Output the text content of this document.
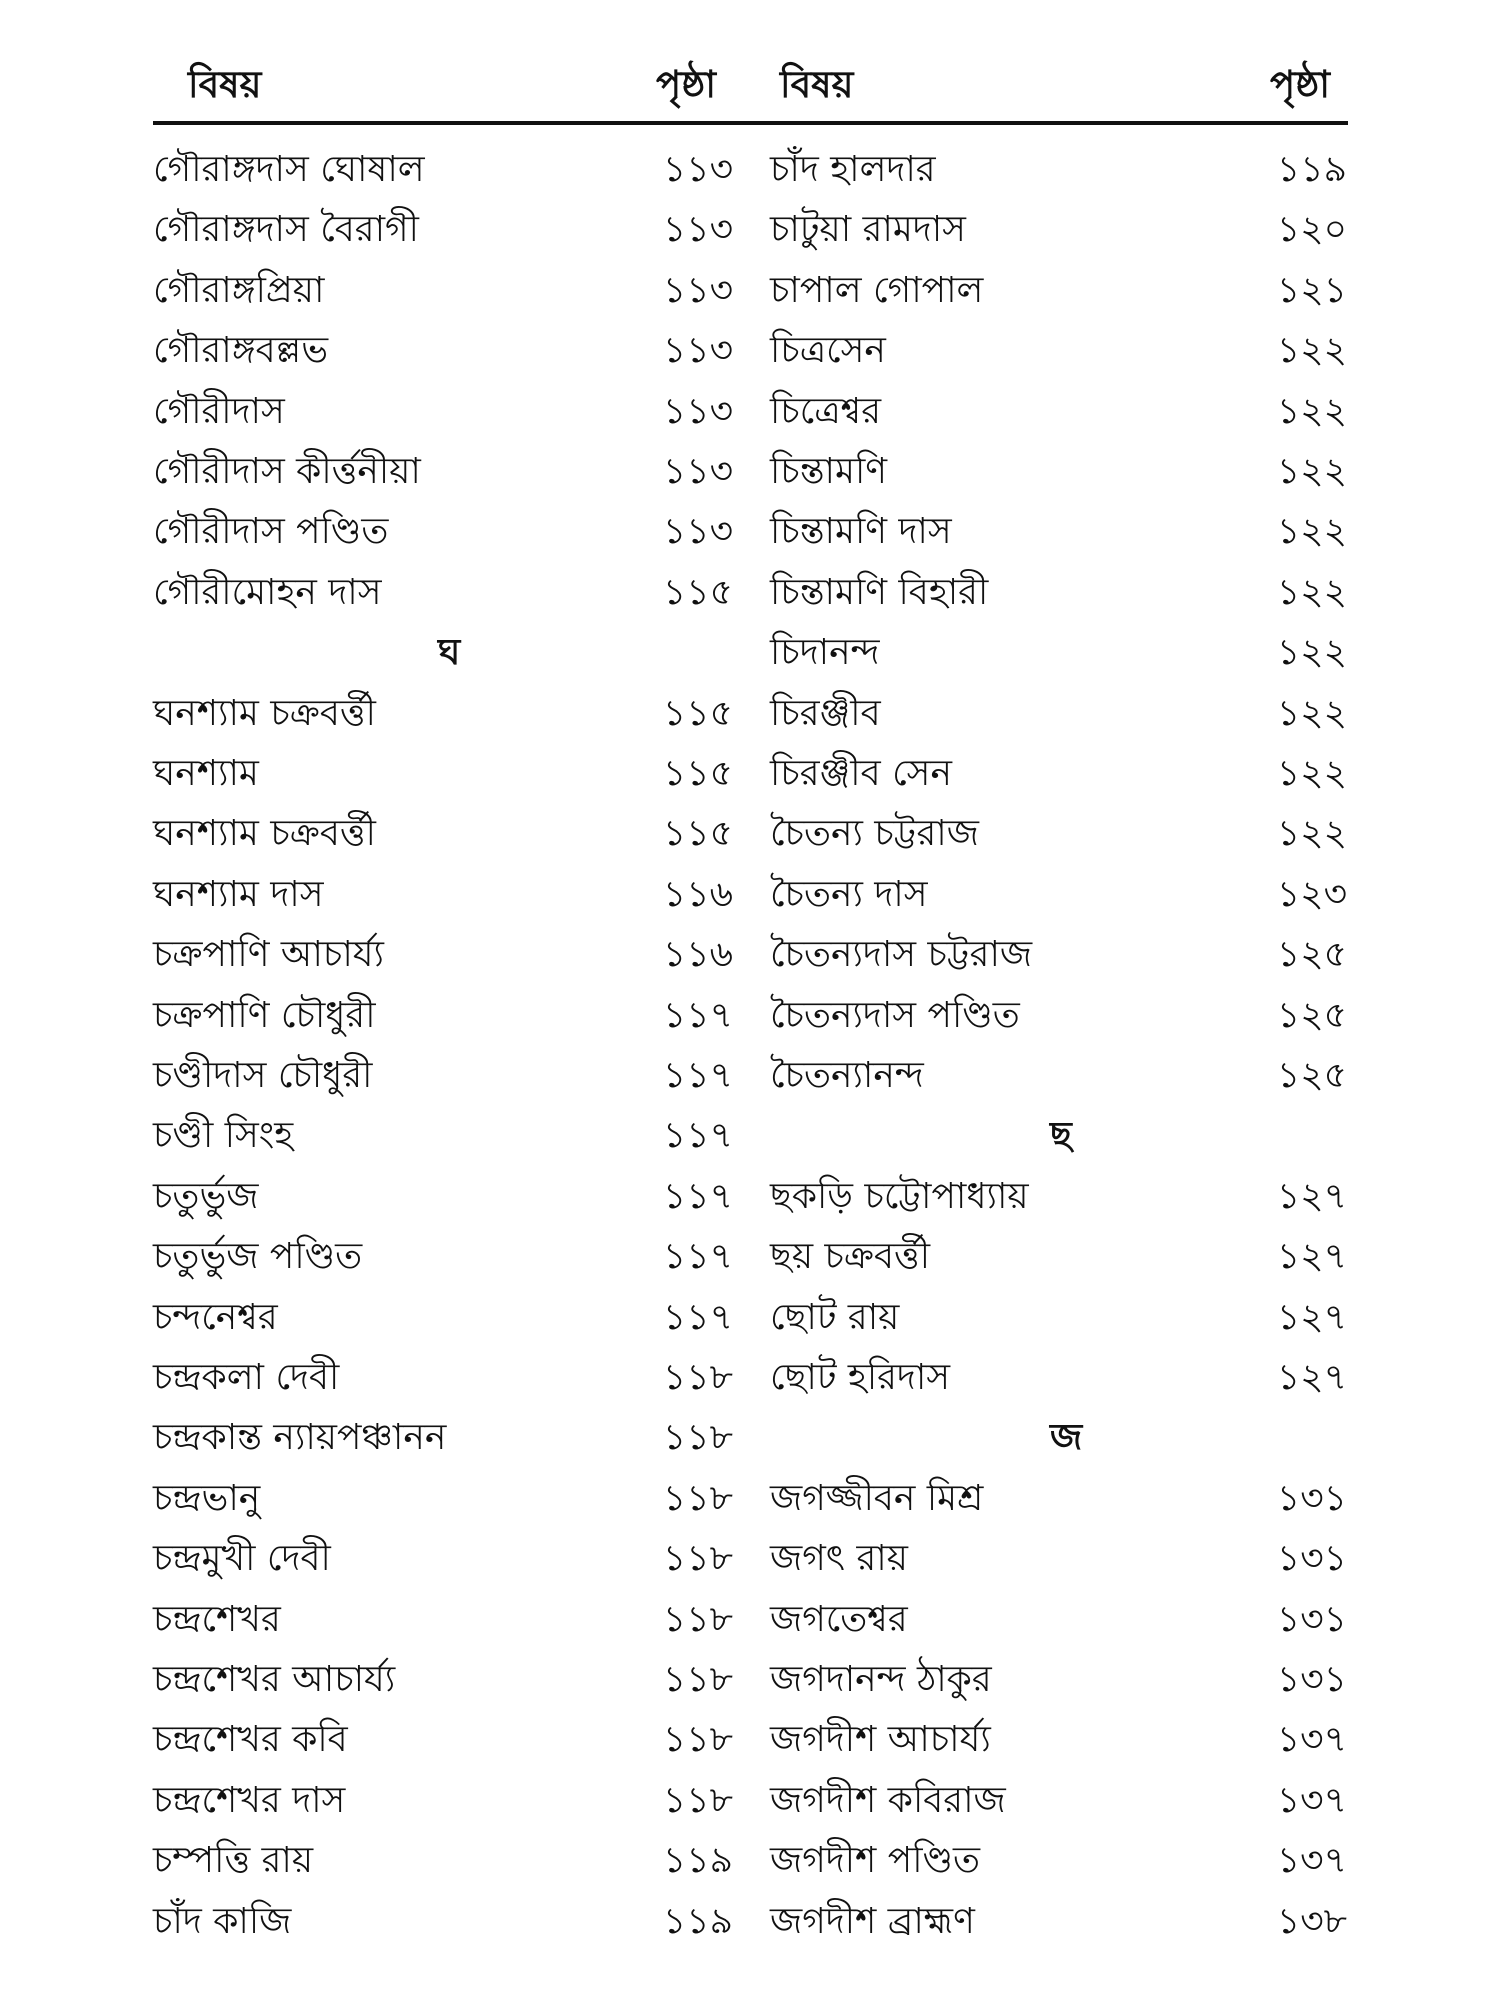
বিষয়	পৃষ্ঠা বিষয়	পৃষ্ঠা
গৌরাঙ্গদাস ঘোষাল	১১৩
গৌরাঙ্গদাস বৈরাগী	১১৩
গৌরাঙ্গপ্রিয়া	১১৩
গৌরাঙ্গবল্লভ	১১৩
গৌরীদাস	১১৩
গৌরীদাস কীর্ত্তনীয়া	১১৩
গৌরীদাস পণ্ডিত	১১৩
গৌরীমোহন দাস	১১৫
ঘ
ঘনশ্যাম চক্রবর্ত্তী	১১৫
ঘনশ্যাম	১১৫
ঘনশ্যাম চক্রবর্ত্তী	১১৫
ঘনশ্যাম দাস	১১৬
চক্রপাণি আচার্য্য	১১৬
চক্রপাণি চৌধুরী	১১৭
চণ্ডীদাস চৌধুরী	১১৭
চণ্ডী সিংহ	১১৭
চতুর্ভুজ	১১৭
চতুর্ভুজ পণ্ডিত	১১৭
চন্দনেশ্বর	১১৭
চন্দ্রকলা দেবী	১১৮
চন্দ্রকান্ত ন্যায়পঞ্চানন	১১৮
চন্দ্রভানু	১১৮
চন্দ্রমুখী দেবী	১১৮
চন্দ্রশেখর	১১৮
চন্দ্রশেখর আচার্য্য	১১৮
চন্দ্রশেখর কবি	১১৮
চন্দ্রশেখর দাস	১১৮
চম্পত্তি রায়	১১৯
চাঁদ কাজি	১১৯
চাঁদ হালদার	১১৯
চাটুয়া রামদাস	১২০
চাপাল গোপাল	১২১
চিত্রসেন	১২২
চিত্রেশ্বর	১২২
চিন্তামণি	১২২
চিন্তামণি দাস	১২২
চিন্তামণি বিহারী	১২২
চিদানন্দ	১২২
চিরঞ্জীব	১২২
চিরঞ্জীব সেন	১২২
চৈতন্য চট্টরাজ	১২২
চৈতন্য দাস	১২৩
চৈতন্যদাস চট্টরাজ	১২৫
চৈতন্যদাস পণ্ডিত	১২৫
চৈতন্যানন্দ	১২৫
ছ
ছকড়ি চট্টোপাধ্যায়	১২৭
ছয় চক্রবর্ত্তী	১২৭
ছোট রায়	১২৭
ছোট হরিদাস	১২৭
জ
জগজ্জীবন মিশ্র	১৩১
জগৎ রায়	১৩১
জগতেশ্বর	১৩১
জগদানন্দ ঠাকুর	১৩১
জগদীশ আচার্য্য	১৩৭
জগদীশ কবিরাজ	১৩৭
জগদীশ পণ্ডিত	১৩৭
জগদীশ ব্রাহ্মণ	১৩৮
